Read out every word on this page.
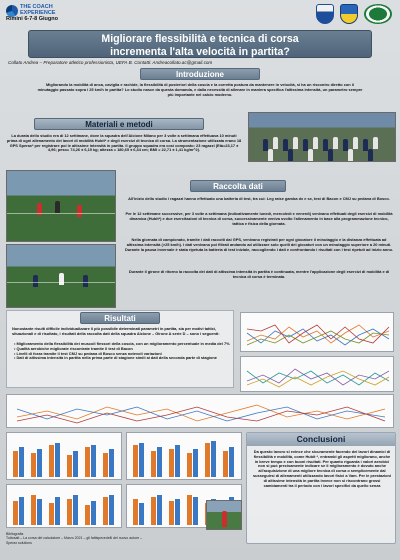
THE COACH
EXPERIENCE
Rimini 6-7-8 Giugno
Migliorare flessibilità e tecnica di corsa
incrementa l'alta velocità in partita?
Collato Andrea – Preparatore atletico professionista, UEFA B. Contatti: Andreacollato.ac@gmail.com
Introduzione
Migliorando la mobilità di anca, caviglia e rachide, la flessibilità di posteriori della coscia e la corretta postura da mantenere in velocità, si ha un riscontro diretto con il minutaggio passato sopra i 25 km/h in partita? Lo studio nasce da questa domanda, e dalla necessità di allenare in maniera specifica l'altissima intensità, un parametro sempre più importante nel calcio moderno.
Materiali e metodi
La durata dello studio era di 12 settimane, dove la squadra dell'Alcione Milano per 3 volte a settimana effettuava 10 minuti prima di ogni allenamento dei lavori di mobilità Hubit* e degli esercizi di tecnica di corsa. La strumentazione utilizzata erano 18 GPS Sperax* per registrare poi le altissime intensità in partita. Il gruppo squadra era così composto: 23 ragazzi (Età=23,17 ± 4,96; peso= 74,26 ± 6,15 kg; altezza = 180,65 ± 6,34 cm; BMI = 22,71 ± 1,41 kg/m^2).
Raccolta dati
All'inizio dello studio i ragazzi hanno effettuato una batteria di test, tra cui: Leg raise gamba dx e sx, test di Bacon e CMJ su pedana di Bosco.
Per le 12 settimane successive, per 3 volte a settimana (indicativamente lunedì, mercoledì e venerdì) venivano effettuati degli esercizi di mobilità dinamica (Hubit*) e due esercitazioni di tecnica di corsa, successivamente veniva svolto l'allenamento in base alla programmazione tecnico, tattica e fisica della giornata.
Nella giornata di campionato, tramite i dati raccolti dai GPS, venivano registrati per ogni giocatore il minutaggio e la distanza effettuata ad altissima intensità (>25 km/h). I dati venivano poi filtrati andando ad utilizzare solo quelli dei giocatori con un minutaggio superiore a 20 minuti. Durante la pausa invernale è stata ripetuta la batteria di test iniziale, raccogliendo i dati e confrontando i risultati con i test ripetuti ad inizio anno.
Durante il girone di ritorno la raccolta dei dati di altissima intensità in partita è continuata, mentre l'applicazione degli esercizi di mobilità e di tecnica di corsa è terminata.
Risultati
Nonostante risulti difficile individualizzare il più possibile determinati parametri in partita, sia per motivi tattici, situazionali e di risultato, i risultati della raccolta dati della squadra Alcione – Girone A serie D – sono i seguenti:
• Miglioramento della flessibilità dei muscoli flessori della coscia, con un miglioramento percentuale in media del 7%
• Qualità aerobiche migliorate riscontrate tramite il test di Bacon
• Livelli di forza tramite il test CMJ su pedana di Bosco senza notevoli variazioni
• Dati di altissima intensità in partita nella prima parte di stagione simili ai dati della seconda parte di stagione
Conclusioni
Da questo lavoro si evince che sicuramente facendo dei lavori dinamici di flessibilità e mobilità, come Hubit *, entrambi gli aspetti migliorano, anche in breve tempo e con buoni risultati. Per quanto riguarda i valori aerobici non si può precisamente indicare se il miglioramento è dovuto anche all'acquisizione di una migliore tecnica di corsa o semplicemente dal susseguirsi di allenamenti utilizzando lavori fisici a Vam. Per le prestazioni di altissime intensità in partita invece non si riscontrano grossi cambiamenti tra il periodo con i lavori specifici da quello senza
Bibliografia
Tuttosalt – La corsa del calcolatore – Marzo 2021 – gli fattispecedelli del nuovo autore –
Sperax solutions
